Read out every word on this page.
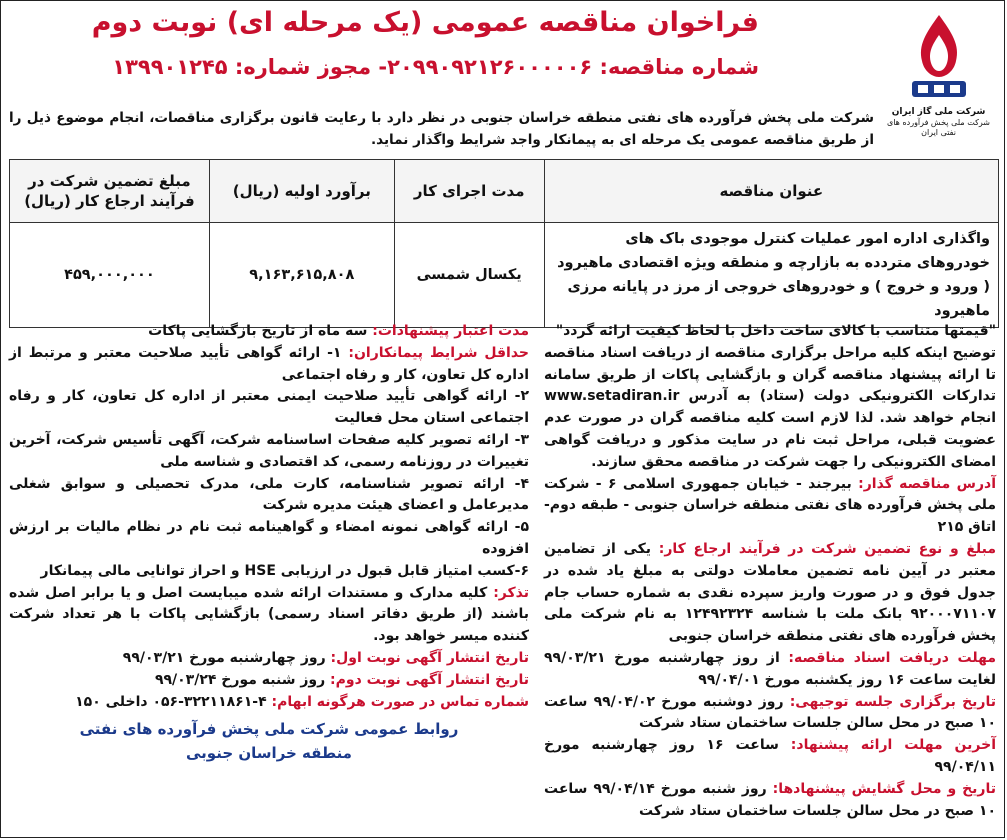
شرکت ملی گاز ایران
شرکت ملی پخش فرآورده های نفتی ایران
فراخوان مناقصه عمومی (یک مرحله ای) نوبت دوم
شماره مناقصه: ۲۰۹۹۰۹۲۱۲۶۰۰۰۰۰۶- مجوز شماره: ۱۳۹۹۰۱۲۴۵
شرکت ملی پخش فرآورده های نفتی منطقه خراسان جنوبی در نظر دارد با رعایت قانون برگزاری مناقصات، انجام موضوع ذیل را از طریق مناقصه عمومی یک مرحله ای به پیمانکار واجد شرایط واگذار نماید.
عنوان مناقصه	مدت اجرای کار	برآورد اولیه (ریال)	مبلغ تضمین شرکت در فرآیند ارجاع کار (ریال)
واگذاری اداره امور عملیات کنترل موجودی باک های خودروهای متردده به بازارچه و منطقه ویژه اقتصادی ماهیرود ( ورود و خروج ) و خودروهای خروجی از مرز در پایانه مرزی ماهیرود	یکسال شمسی	۹,۱۶۳,۶۱۵,۸۰۸	۴۵۹,۰۰۰,۰۰۰

"قیمتها متناسب با کالای ساخت داخل با لحاظ کیفیت ارائه گردد"

توضیح اینکه کلیه مراحل برگزاری مناقصه از دریافت اسناد مناقصه تا ارائه پیشنهاد مناقصه گران و بازگشایی پاکات از طریق سامانه تدارکات الکترونیکی دولت (ستاد) به آدرس www.setadiran.ir انجام خواهد شد. لذا لازم است کلیه مناقصه گران در صورت عدم عضویت قبلی، مراحل ثبت نام در سایت مذکور و دریافت گواهی امضای الکترونیکی را جهت شرکت در مناقصه محقق سازند.

آدرس مناقصه گذار: بیرجند - خیابان جمهوری اسلامی ۶ - شرکت ملی پخش فرآورده های نفتی منطقه خراسان جنوبی - طبقه دوم- اتاق ۲۱۵

مبلغ و نوع تضمین شرکت در فرآیند ارجاع کار: یکی از تضامین معتبر در آیین نامه تضمین معاملات دولتی به مبلغ یاد شده در جدول فوق و در صورت واریز سپرده نقدی به شماره حساب جام ۹۲۰۰۰۷۱۱۰۷ بانک ملت با شناسه ۱۲۴۹۲۳۲۴ به نام شرکت ملی پخش فرآورده های نفتی منطقه خراسان جنوبی

مهلت دریافت اسناد مناقصه: از روز چهارشنبه مورخ ۹۹/۰۳/۲۱ لغایت ساعت ۱۶ روز یکشنبه مورخ ۹۹/۰۴/۰۱

تاریخ برگزاری جلسه توجیهی: روز دوشنبه مورخ ۹۹/۰۴/۰۲ ساعت ۱۰ صبح در محل سالن جلسات ساختمان ستاد شرکت

آخرین مهلت ارائه پیشنهاد: ساعت ۱۶ روز چهارشنبه مورخ ۹۹/۰۴/۱۱

تاریخ و محل گشایش پیشنهادها: روز شنبه مورخ ۹۹/۰۴/۱۴ ساعت ۱۰ صبح در محل سالن جلسات ساختمان ستاد شرکت

مدت اعتبار پیشنهادات: سه ماه از تاریخ بازگشایی پاکات

حداقل شرایط پیمانکاران: ۱- ارائه گواهی تأیید صلاحیت معتبر و مرتبط از اداره کل تعاون، کار و رفاه اجتماعی

۲- ارائه گواهی تأیید صلاحیت ایمنی معتبر از اداره کل تعاون، کار و رفاه اجتماعی استان محل فعالیت

۳- ارائه تصویر کلیه صفحات اساسنامه شرکت، آگهی تأسیس شرکت، آخرین تغییرات در روزنامه رسمی، کد اقتصادی و شناسه ملی

۴- ارائه تصویر شناسنامه، کارت ملی، مدرک تحصیلی و سوابق شغلی مدیرعامل و اعضای هیئت مدیره شرکت

۵- ارائه گواهی نمونه امضاء و گواهینامه ثبت نام در نظام مالیات بر ارزش افزوده

۶-کسب امتیاز قابل قبول در ارزیابی HSE و احراز توانایی مالی پیمانکار

تذکر: کلیه مدارک و مستندات ارائه شده میبایست اصل و یا برابر اصل شده باشند (از طریق دفاتر اسناد رسمی) بازگشایی پاکات با هر تعداد شرکت کننده میسر خواهد بود.

تاریخ انتشار آگهی نوبت اول: روز چهارشنبه مورخ ۹۹/۰۳/۲۱

تاریخ انتشار آگهی نوبت دوم: روز شنبه مورخ ۹۹/۰۳/۲۴

شماره تماس در صورت هرگونه ابهام: ۴-۳۲۲۱۱۸۶۱-۰۵۶ داخلی ۱۵۰

روابط عمومی شرکت ملی پخش فرآورده های نفتی
منطقه خراسان جنوبی
